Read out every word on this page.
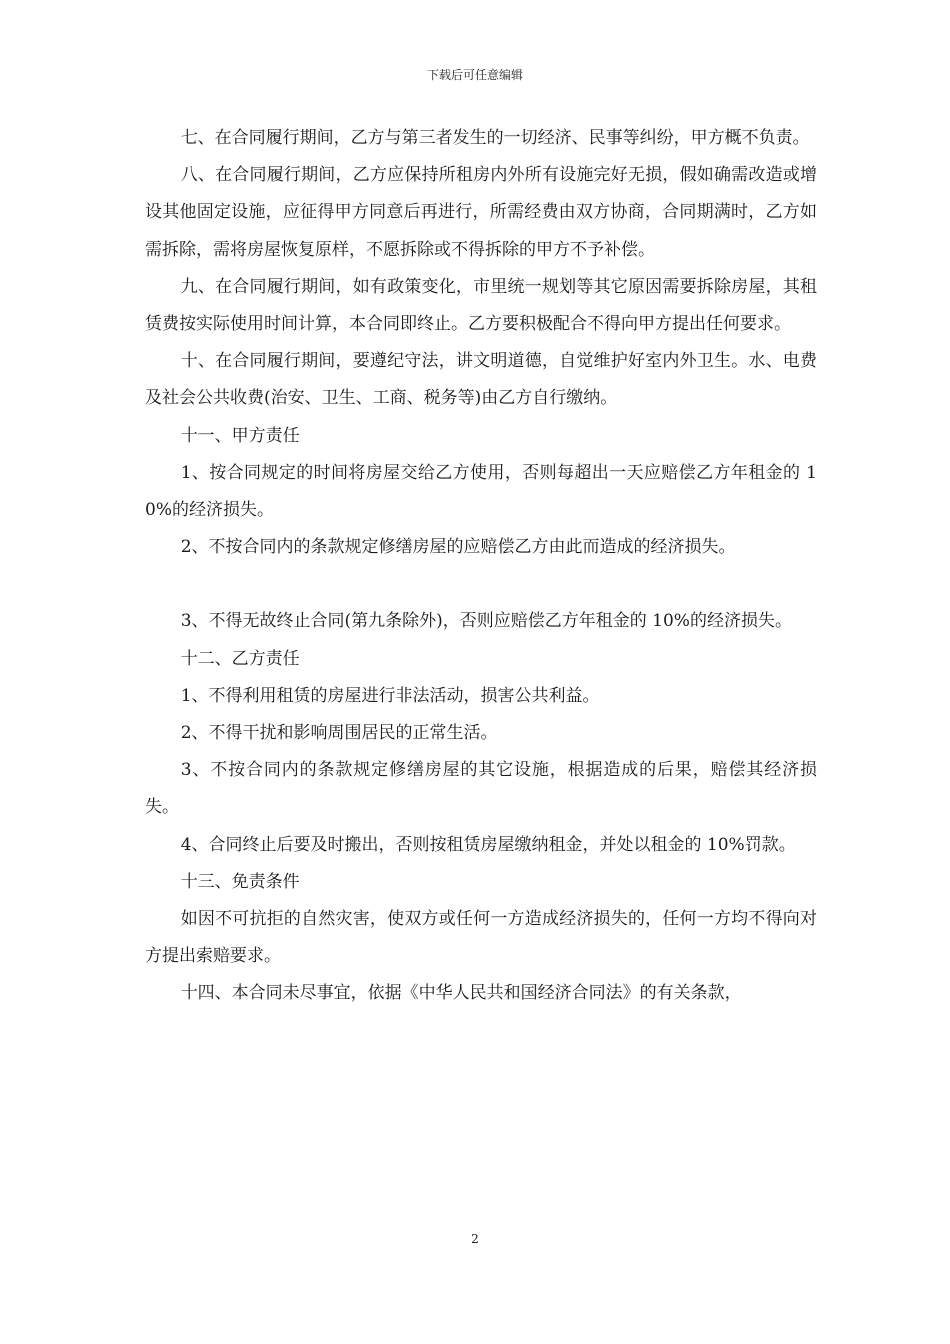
下载后可任意编辑

七、在合同履行期间，乙方与第三者发生的一切经济、民事等纠纷，甲方概不负责。

八、在合同履行期间，乙方应保持所租房内外所有设施完好无损，假如确需改造或增设其他固定设施，应征得甲方同意后再进行，所需经费由双方协商，合同期满时，乙方如需拆除，需将房屋恢复原样，不愿拆除或不得拆除的甲方不予补偿。

九、在合同履行期间，如有政策变化，市里统一规划等其它原因需要拆除房屋，其租赁费按实际使用时间计算，本合同即终止。乙方要积极配合不得向甲方提出任何要求。

十、在合同履行期间，要遵纪守法，讲文明道德，自觉维护好室内外卫生。水、电费及社会公共收费(治安、卫生、工商、税务等)由乙方自行缴纳。

十一、甲方责任

1、按合同规定的时间将房屋交给乙方使用，否则每超出一天应赔偿乙方年租金的 10%的经济损失。

2、不按合同内的条款规定修缮房屋的应赔偿乙方由此而造成的经济损失。

3、不得无故终止合同(第九条除外)，否则应赔偿乙方年租金的 10%的经济损失。

十二、乙方责任

1、不得利用租赁的房屋进行非法活动，损害公共利益。

2、不得干扰和影响周围居民的正常生活。

3、不按合同内的条款规定修缮房屋的其它设施，根据造成的后果，赔偿其经济损失。

4、合同终止后要及时搬出，否则按租赁房屋缴纳租金，并处以租金的 10%罚款。

十三、免责条件

如因不可抗拒的自然灾害，使双方或任何一方造成经济损失的，任何一方均不得向对方提出索赔要求。

十四、本合同未尽事宜，依据《中华人民共和国经济合同法》的有关条款，

2
